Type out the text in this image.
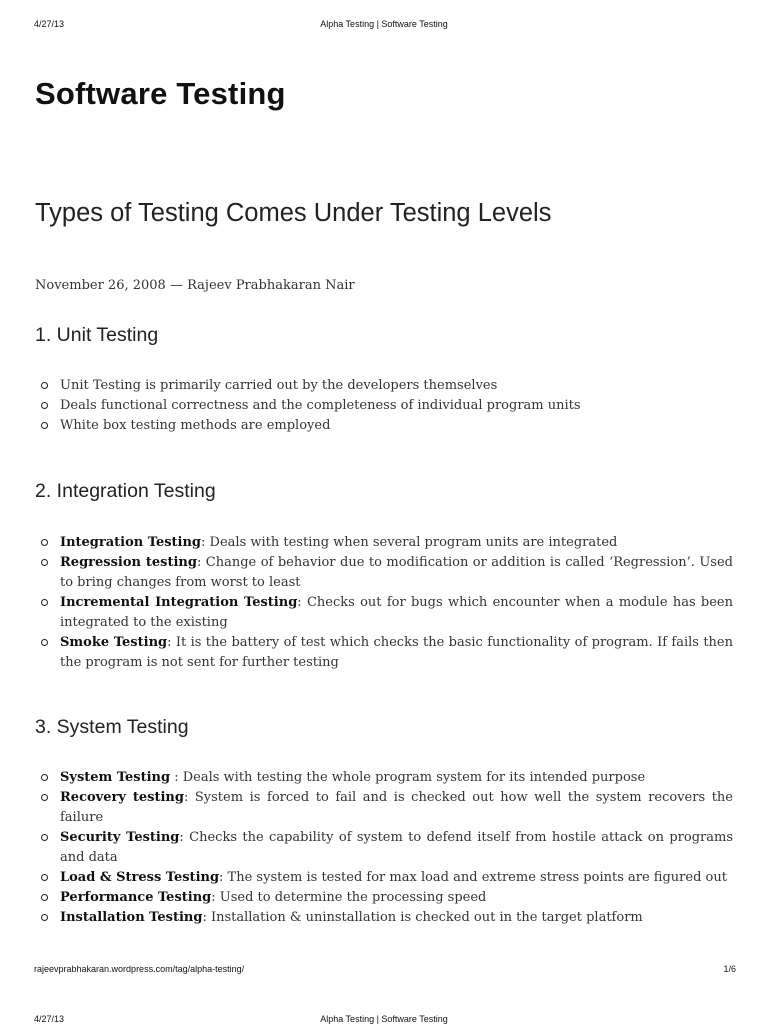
4/27/13	Alpha Testing | Software Testing
Software Testing
Types of Testing Comes Under Testing Levels

November 26, 2008 — Rajeev Prabhakaran Nair

1. Unit Testing
Unit Testing is primarily carried out by the developers themselves
Deals functional correctness and the completeness of individual program units
White box testing methods are employed
2. Integration Testing
Integration Testing: Deals with testing when several program units are integrated
Regression testing: Change of behavior due to modification or addition is called ‘Regression’. Used to bring changes from worst to least
Incremental Integration Testing: Checks out for bugs which encounter when a module has been integrated to the existing
Smoke Testing: It is the battery of test which checks the basic functionality of program. If fails then the program is not sent for further testing
3. System Testing
System Testing : Deals with testing the whole program system for its intended purpose
Recovery testing: System is forced to fail and is checked out how well the system recovers the failure
Security Testing: Checks the capability of system to defend itself from hostile attack on programs and data
Load & Stress Testing: The system is tested for max load and extreme stress points are figured out
Performance Testing: Used to determine the processing speed
Installation Testing: Installation & uninstallation is checked out in the target platform
rajeevprabhakaran.wordpress.com/tag/alpha-testing/	1/6
4/27/13	Alpha Testing | Software Testing
